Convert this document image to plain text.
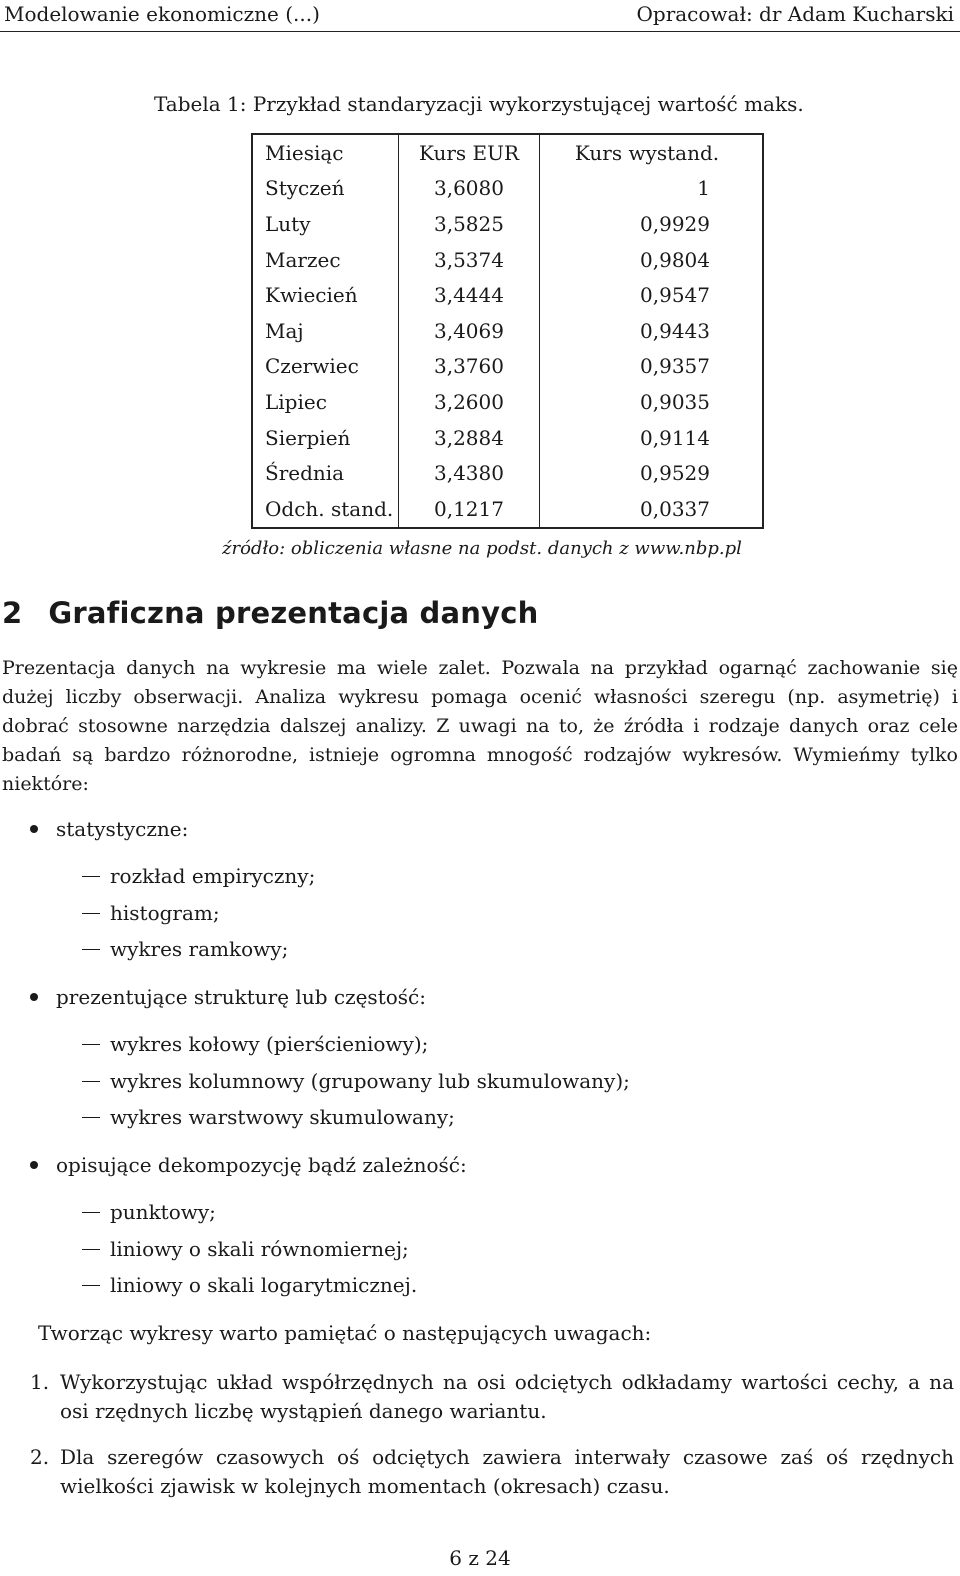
Modelowanie ekonomiczne (...)	Opracował: dr Adam Kucharski
Tabela 1: Przykład standaryzacji wykorzystującej wartość maks.
Miesiąc	Kurs EUR	Kurs wystand.
Styczeń	3,6080	1
Luty	3,5825	0,9929
Marzec	3,5374	0,9804
Kwiecień	3,4444	0,9547
Maj	3,4069	0,9443
Czerwiec	3,3760	0,9357
Lipiec	3,2600	0,9035
Sierpień	3,2884	0,9114
Średnia	3,4380	0,9529
Odch. stand.	0,1217	0,0337
źródło: obliczenia własne na podst. danych z www.nbp.pl
2 Graficzna prezentacja danych
Prezentacja danych na wykresie ma wiele zalet. Pozwala na przykład ogarnąć zachowanie się dużej liczby obserwacji. Analiza wykresu pomaga ocenić własności szeregu (np. asymetrię) i dobrać stosowne narzędzia dalszej analizy. Z uwagi na to, że źródła i rodzaje danych oraz cele badań są bardzo różnorodne, istnieje ogromna mnogość rodzajów wykresów. Wymieńmy tylko niektóre:
statystyczne:
rozkład empiryczny;
histogram;
wykres ramkowy;
prezentujące strukturę lub częstość:
wykres kołowy (pierścieniowy);
wykres kolumnowy (grupowany lub skumulowany);
wykres warstwowy skumulowany;
opisujące dekompozycję bądź zależność:
punktowy;
liniowy o skali równomiernej;
liniowy o skali logarytmicznej.
Tworząc wykresy warto pamiętać o następujących uwagach:
1. Wykorzystując układ współrzędnych na osi odciętych odkładamy wartości cechy, a na osi rzędnych liczbę wystąpień danego wariantu.
2. Dla szeregów czasowych oś odciętych zawiera interwały czasowe zaś oś rzędnych wielkości zjawisk w kolejnych momentach (okresach) czasu.
6 z 24
